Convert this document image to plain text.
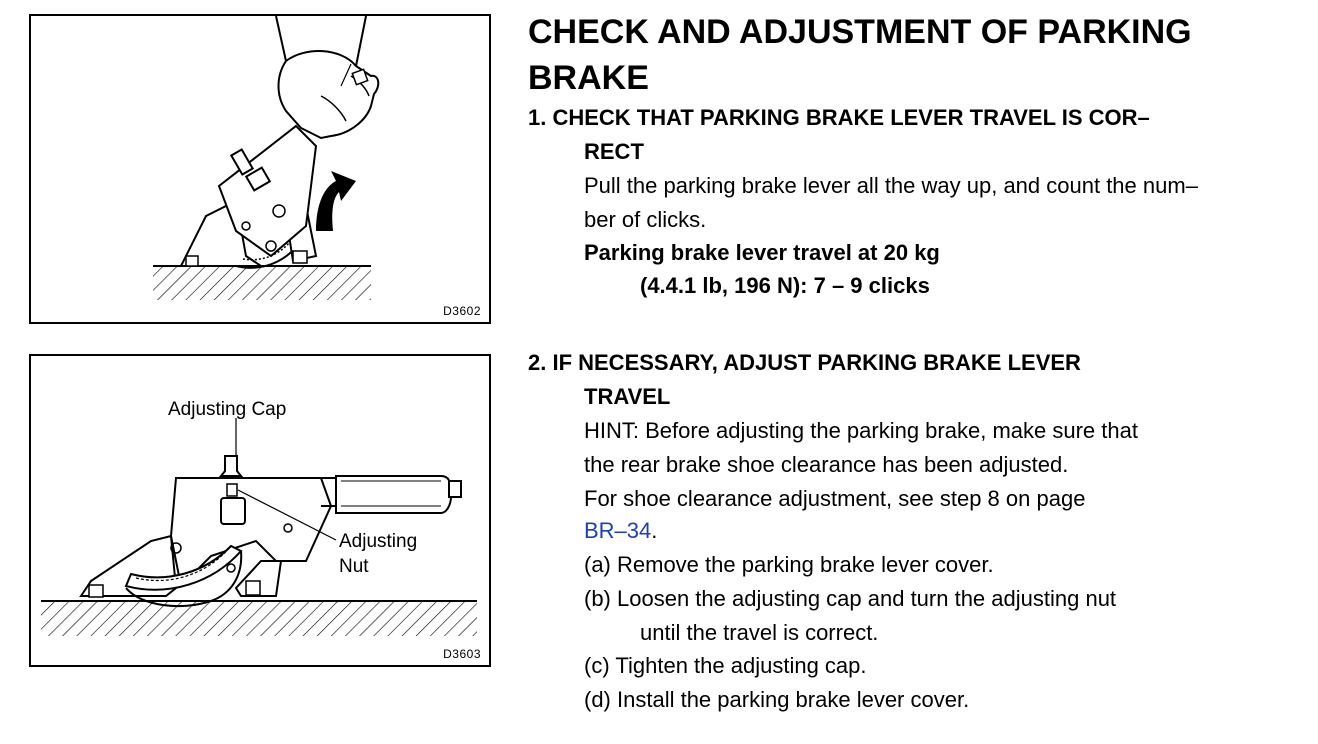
D3602
Adjusting Cap
Adjusting
Nut
D3603
CHECK AND ADJUSTMENT OF PARKING
BRAKE
1. CHECK THAT PARKING BRAKE LEVER TRAVEL IS COR–
RECT
Pull the parking brake lever all the way up, and count the num–
ber of clicks.
Parking brake lever travel at 20 kg
(4.4.1 lb, 196 N): 7 – 9 clicks
2. IF NECESSARY, ADJUST PARKING BRAKE LEVER
TRAVEL
HINT: Before adjusting the parking brake, make sure that
the rear brake shoe clearance has been adjusted.
For shoe clearance adjustment, see step 8 on page
BR–34.
(a) Remove the parking brake lever cover.
(b) Loosen the adjusting cap and turn the adjusting nut
until the travel is correct.
(c) Tighten the adjusting cap.
(d) Install the parking brake lever cover.
